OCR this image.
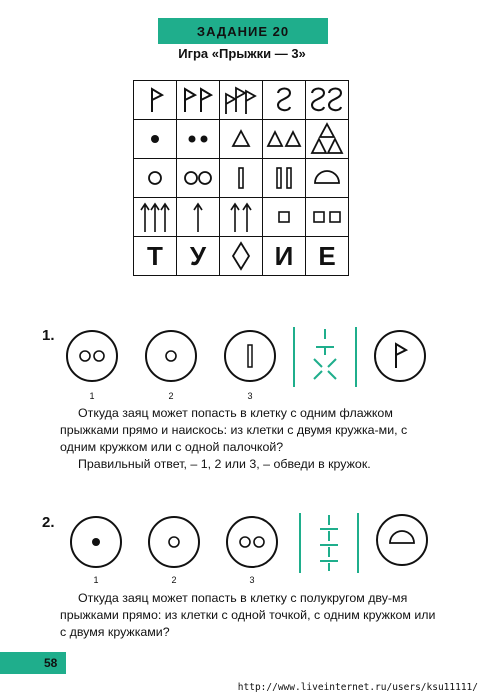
ЗАДАНИЕ 20
Игра «Прыжки — 3»

Т	У		И	Е
1.
1	2	3

Откуда заяц может попасть в клетку с одним флажком прыжками прямо и наискось: из клетки с двумя кружка-ми, с одним кружком или с одной палочкой?

Правильный ответ, – 1, 2 или 3, – обведи в кружок.

2.
1	2	3

Откуда заяц может попасть в клетку с полукругом дву-мя прыжками прямо: из клетки с одной точкой, с одним кружком или с двумя кружками?

58
http://www.liveinternet.ru/users/ksu11111/
